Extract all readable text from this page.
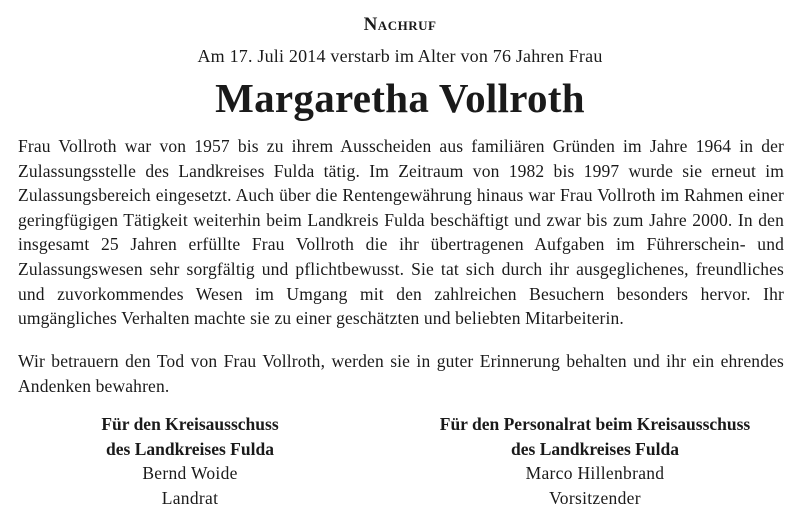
Nachruf
Am 17. Juli 2014 verstarb im Alter von 76 Jahren Frau
Margaretha Vollroth

Frau Vollroth war von 1957 bis zu ihrem Ausscheiden aus familiären Gründen im Jahre 1964 in der Zulassungsstelle des Landkreises Fulda tätig. Im Zeitraum von 1982 bis 1997 wurde sie erneut im Zulassungsbereich eingesetzt. Auch über die Rentengewährung hinaus war Frau Vollroth im Rahmen einer geringfügigen Tätigkeit weiterhin beim Landkreis Fulda beschäftigt und zwar bis zum Jahre 2000. In den insgesamt 25 Jahren erfüllte Frau Vollroth die ihr übertragenen Aufgaben im Führerschein- und Zulassungswesen sehr sorgfältig und pflichtbewusst. Sie tat sich durch ihr ausgeglichenes, freundliches und zuvorkommendes Wesen im Umgang mit den zahlreichen Besuchern besonders hervor. Ihr umgängliches Verhalten machte sie zu einer geschätzten und beliebten Mitarbeiterin.

Wir betrauern den Tod von Frau Vollroth, werden sie in guter Erinnerung behalten und ihr ein ehrendes Andenken bewahren.

Für den Kreisausschuss
des Landkreises Fulda
Bernd Woide
Landrat
Für den Personalrat beim Kreisausschuss
des Landkreises Fulda
Marco Hillenbrand
Vorsitzender
